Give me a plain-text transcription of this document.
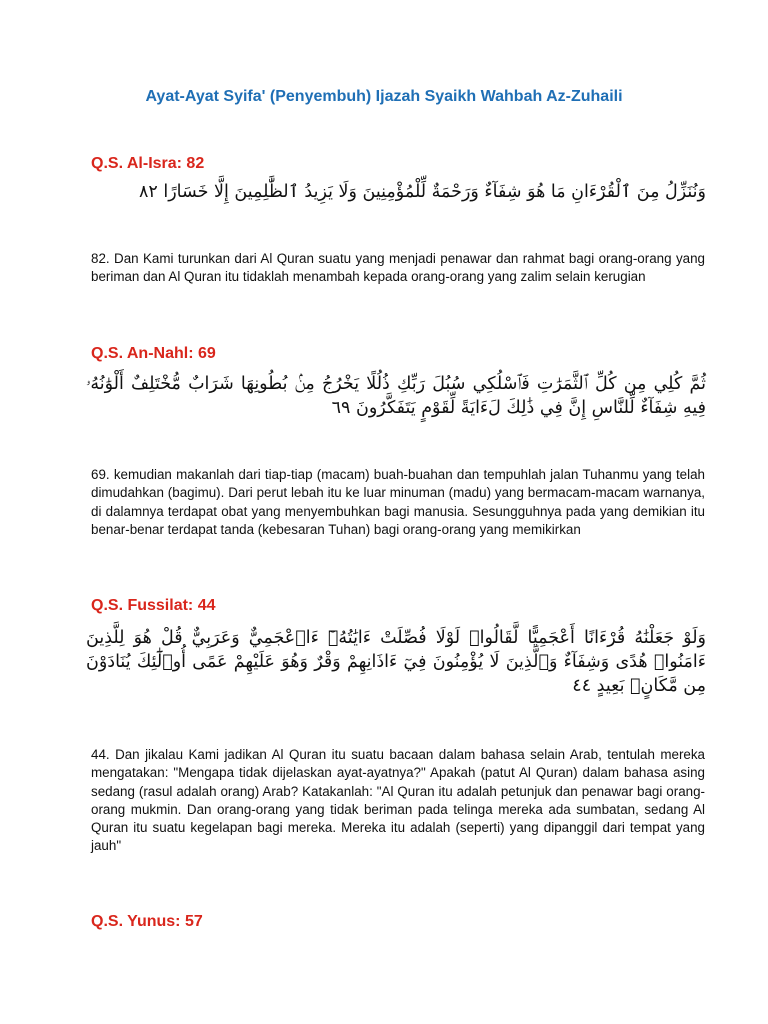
Ayat-Ayat Syifa' (Penyembuh) Ijazah Syaikh Wahbah Az-Zuhaili
Q.S. Al-Isra: 82

وَنُنَزِّلُ مِنَ ٱلْقُرْءَانِ مَا هُوَ شِفَآءٌ وَرَحْمَةٌ لِّلْمُؤْمِنِينَ وَلَا يَزِيدُ ٱلظَّٰلِمِينَ إِلَّا خَسَارًا ٨٢

82. Dan Kami turunkan dari Al Quran suatu yang menjadi penawar dan rahmat bagi orang-orang yang beriman dan Al Quran itu tidaklah menambah kepada orang-orang yang zalim selain kerugian

Q.S. An-Nahl: 69

ثُمَّ كُلِي مِن كُلِّ ٱلثَّمَرَٰتِ فَٱسْلُكِي سُبُلَ رَبِّكِ ذُلُلًا يَخْرُجُ مِنۢ بُطُونِهَا شَرَابٌ مُّخْتَلِفٌ أَلْوَٰنُهُۥ فِيهِ شِفَآءٌ لِّلنَّاسِ إِنَّ فِي ذَٰلِكَ لَءَايَةً لِّقَوْمٍ يَتَفَكَّرُونَ ٦٩

69. kemudian makanlah dari tiap-tiap (macam) buah-buahan dan tempuhlah jalan Tuhanmu yang telah dimudahkan (bagimu). Dari perut lebah itu ke luar minuman (madu) yang bermacam-macam warnanya, di dalamnya terdapat obat yang menyembuhkan bagi manusia. Sesungguhnya pada yang demikian itu benar-benar terdapat tanda (kebesaran Tuhan) bagi orang-orang yang memikirkan

Q.S. Fussilat: 44

وَلَوْ جَعَلْنَٰهُ قُرْءَانًا أَعْجَمِيًّا لَّقَالُوا۟ لَوْلَا فُصِّلَتْ ءَايَٰتُهُۥٓ ءَا۬عْجَمِيٌّ وَعَرَبِيٌّ قُلْ هُوَ لِلَّذِينَ ءَامَنُوا۟ هُدًى وَشِفَآءٌ وَٱلَّذِينَ لَا يُؤْمِنُونَ فِيٓ ءَاذَانِهِمْ وَقْرٌ وَهُوَ عَلَيْهِمْ عَمًى أُو۟لَٰٓئِكَ يُنَادَوْنَ مِن مَّكَانٍۭ بَعِيدٍ ٤٤

44. Dan jikalau Kami jadikan Al Quran itu suatu bacaan dalam bahasa selain Arab, tentulah mereka mengatakan: "Mengapa tidak dijelaskan ayat-ayatnya?" Apakah (patut Al Quran) dalam bahasa asing sedang (rasul adalah orang) Arab? Katakanlah: "Al Quran itu adalah petunjuk dan penawar bagi orang-orang mukmin. Dan orang-orang yang tidak beriman pada telinga mereka ada sumbatan, sedang Al Quran itu suatu kegelapan bagi mereka. Mereka itu adalah (seperti) yang dipanggil dari tempat yang jauh"

Q.S. Yunus: 57
